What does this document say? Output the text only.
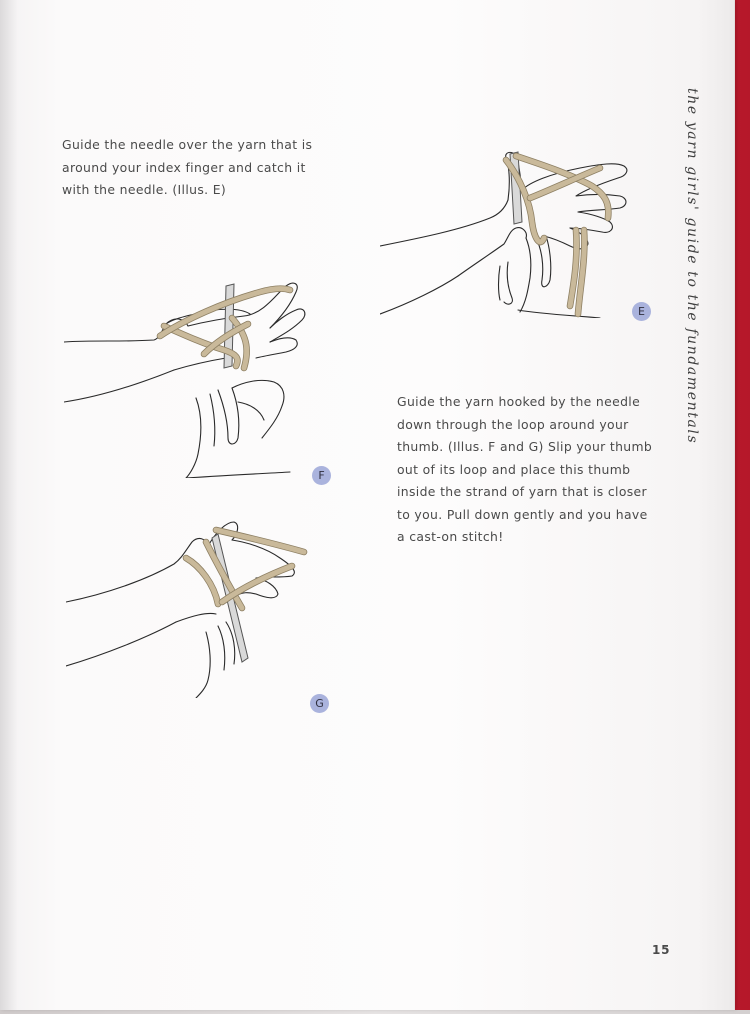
Guide the needle over the yarn that is around your index finger and catch it with the needle. (Illus. E)

E
F
G

Guide the yarn hooked by the needle down through the loop around your thumb. (Illus. F and G) Slip your thumb out of its loop and place this thumb inside the strand of yarn that is closer to you. Pull down gently and you have a cast-on stitch!

the yarn girls' guide to the fundamentals
15
